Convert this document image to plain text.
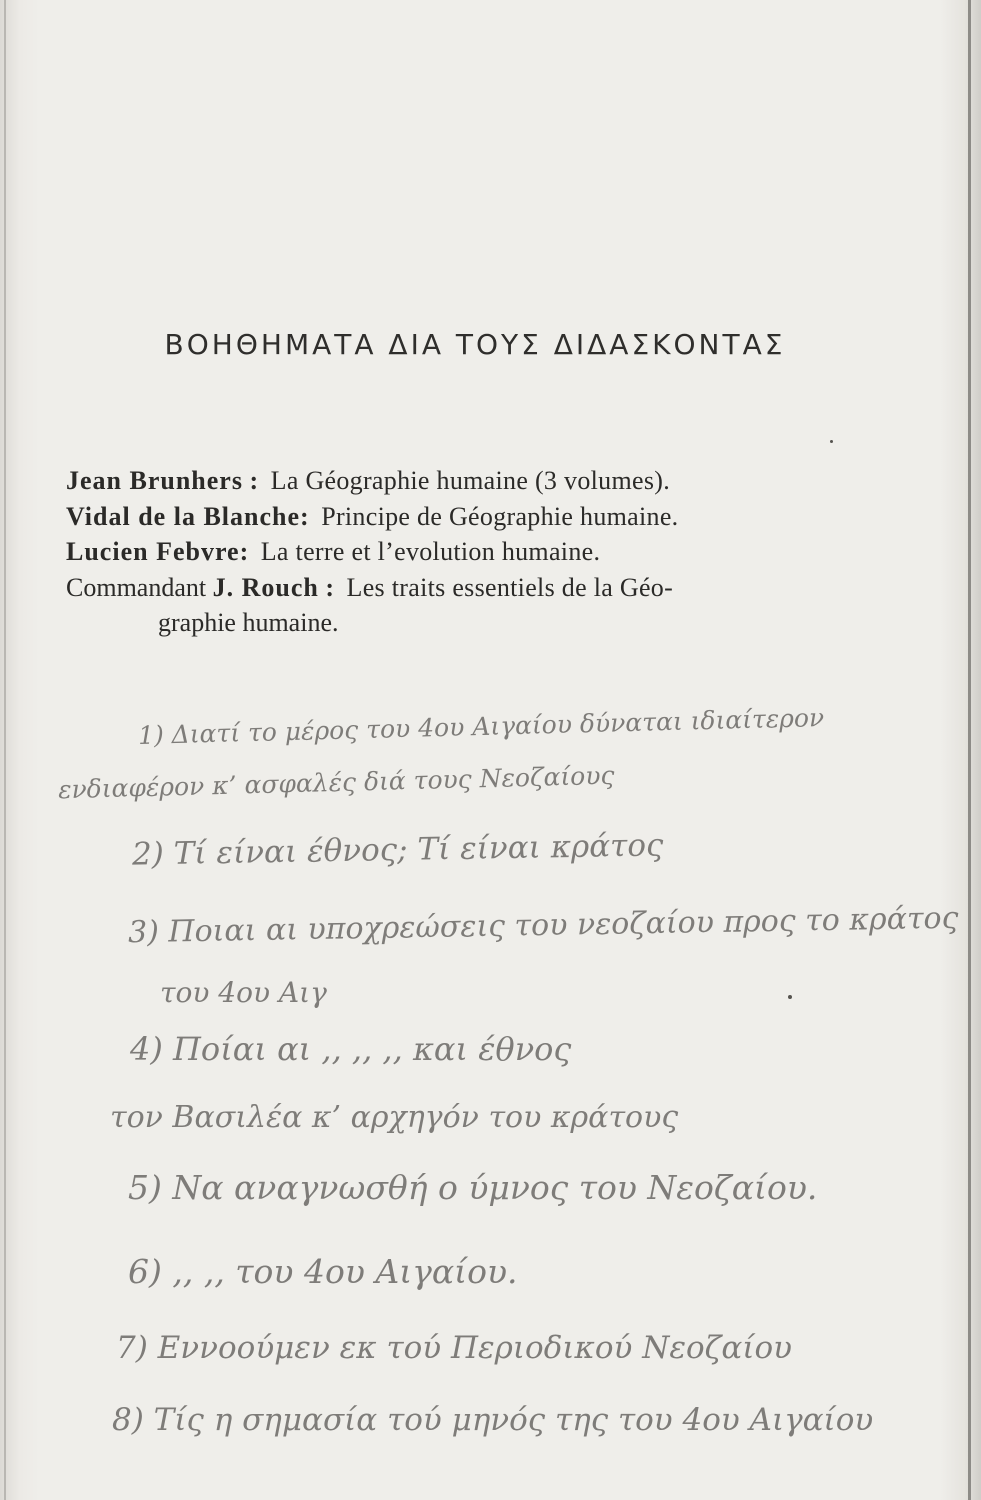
ΒΟΗΘΗΜΑΤΑ ΔΙΑ ΤΟΥΣ ΔΙΔΑΣΚΟΝΤΑΣ
Jean Brunhers : La Géographie humaine (3 volumes).
Vidal de la Blanche: Principe de Géographie humaine.
Lucien Febvre: La terre et l’evolution humaine.
Commandant J. Rouch : Les traits essentiels de la Géo-
graphie humaine.
1) Διατί το μέρος του 4ου Αιγαίου δύναται ιδιαίτερον
ενδιαφέρον κ’ ασφαλές διά τους Νεοζαίους
2) Τί είναι έθνος; Τί είναι κράτος
3) Ποιαι αι υποχρεώσεις του νεοζαίου προς το κράτος
του 4ου Αιγ
4) Ποίαι αι ,, ,, ,, και έθνος
τον Βασιλέα κ’ αρχηγόν του κράτους
5) Να αναγνωσθή ο ύμνος του Νεοζαίου.
6) ,, ,, του 4ου Αιγαίου.
7) Εννοούμεν εκ τού Περιοδικού Νεοζαίου
8) Τίς η σημασία τού μηνός της του 4ου Αιγαίου
